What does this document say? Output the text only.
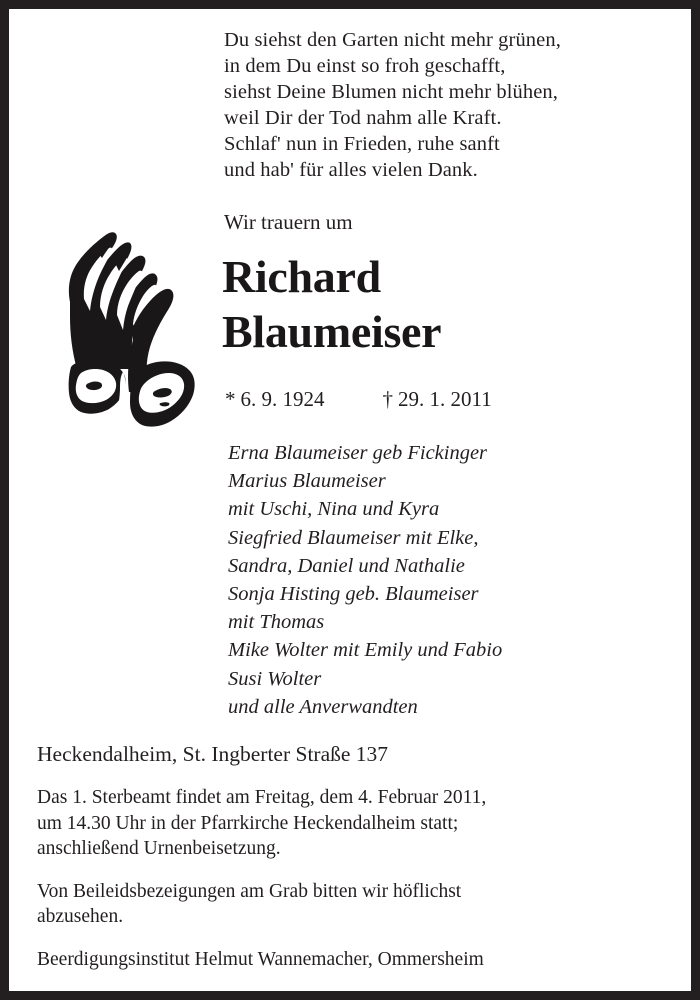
Du siehst den Garten nicht mehr grünen,
in dem Du einst so froh geschafft,
siehst Deine Blumen nicht mehr blühen,
weil Dir der Tod nahm alle Kraft.
Schlaf' nun in Frieden, ruhe sanft
und hab' für alles vielen Dank.
Wir trauern um
Richard
Blaumeiser
* 6. 9. 1924	† 29. 1. 2011
Erna Blaumeiser geb Fickinger
Marius Blaumeiser
mit Uschi, Nina und Kyra
Siegfried Blaumeiser mit Elke,
Sandra, Daniel und Nathalie
Sonja Histing geb. Blaumeiser
mit Thomas
Mike Wolter mit Emily und Fabio
Susi Wolter
und alle Anverwandten
Heckendalheim, St. Ingberter Straße 137
Das 1. Sterbeamt findet am Freitag, dem 4. Februar 2011,
um 14.30 Uhr in der Pfarrkirche Heckendalheim statt;
anschließend Urnenbeisetzung.
Von Beileidsbezeigungen am Grab bitten wir höflichst
abzusehen.
Beerdigungsinstitut Helmut Wannemacher, Ommersheim
